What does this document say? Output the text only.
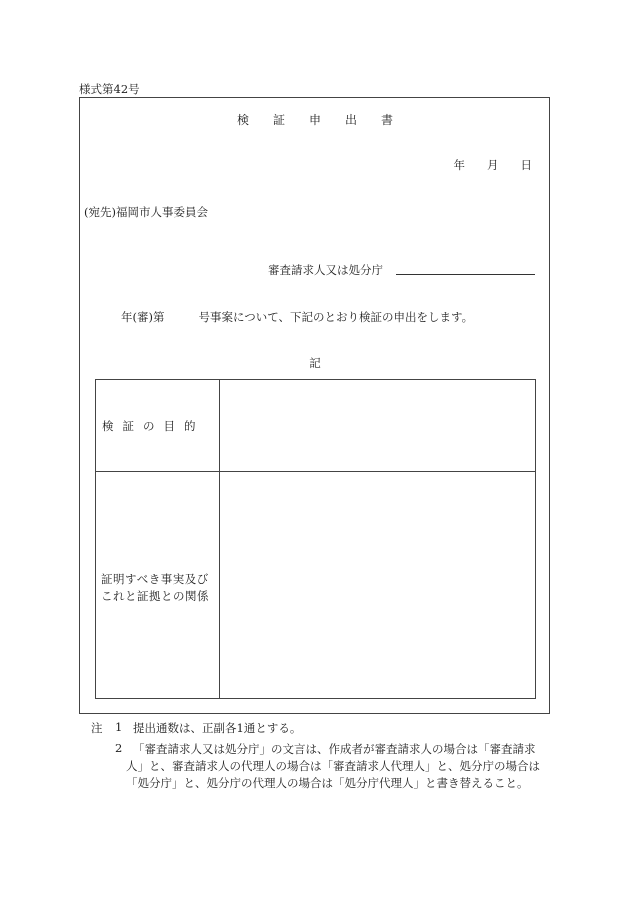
様式第42号
検 証 申 出 書
年 月 日
(宛先)福岡市人事委員会
審査請求人又は処分庁
年(審)第	号事案について、下記のとおり検証の申出をします。
記
検 証 の 目 的
証明すべき事実及び
これと証拠との関係
注 1 提出通数は、正副各1通とする。
2 「審査請求人又は処分庁」の文言は、作成者が審査請求人の場合は「審査請求
人」と、審査請求人の代理人の場合は「審査請求人代理人」と、処分庁の場合は
「処分庁」と、処分庁の代理人の場合は「処分庁代理人」と書き替えること。
